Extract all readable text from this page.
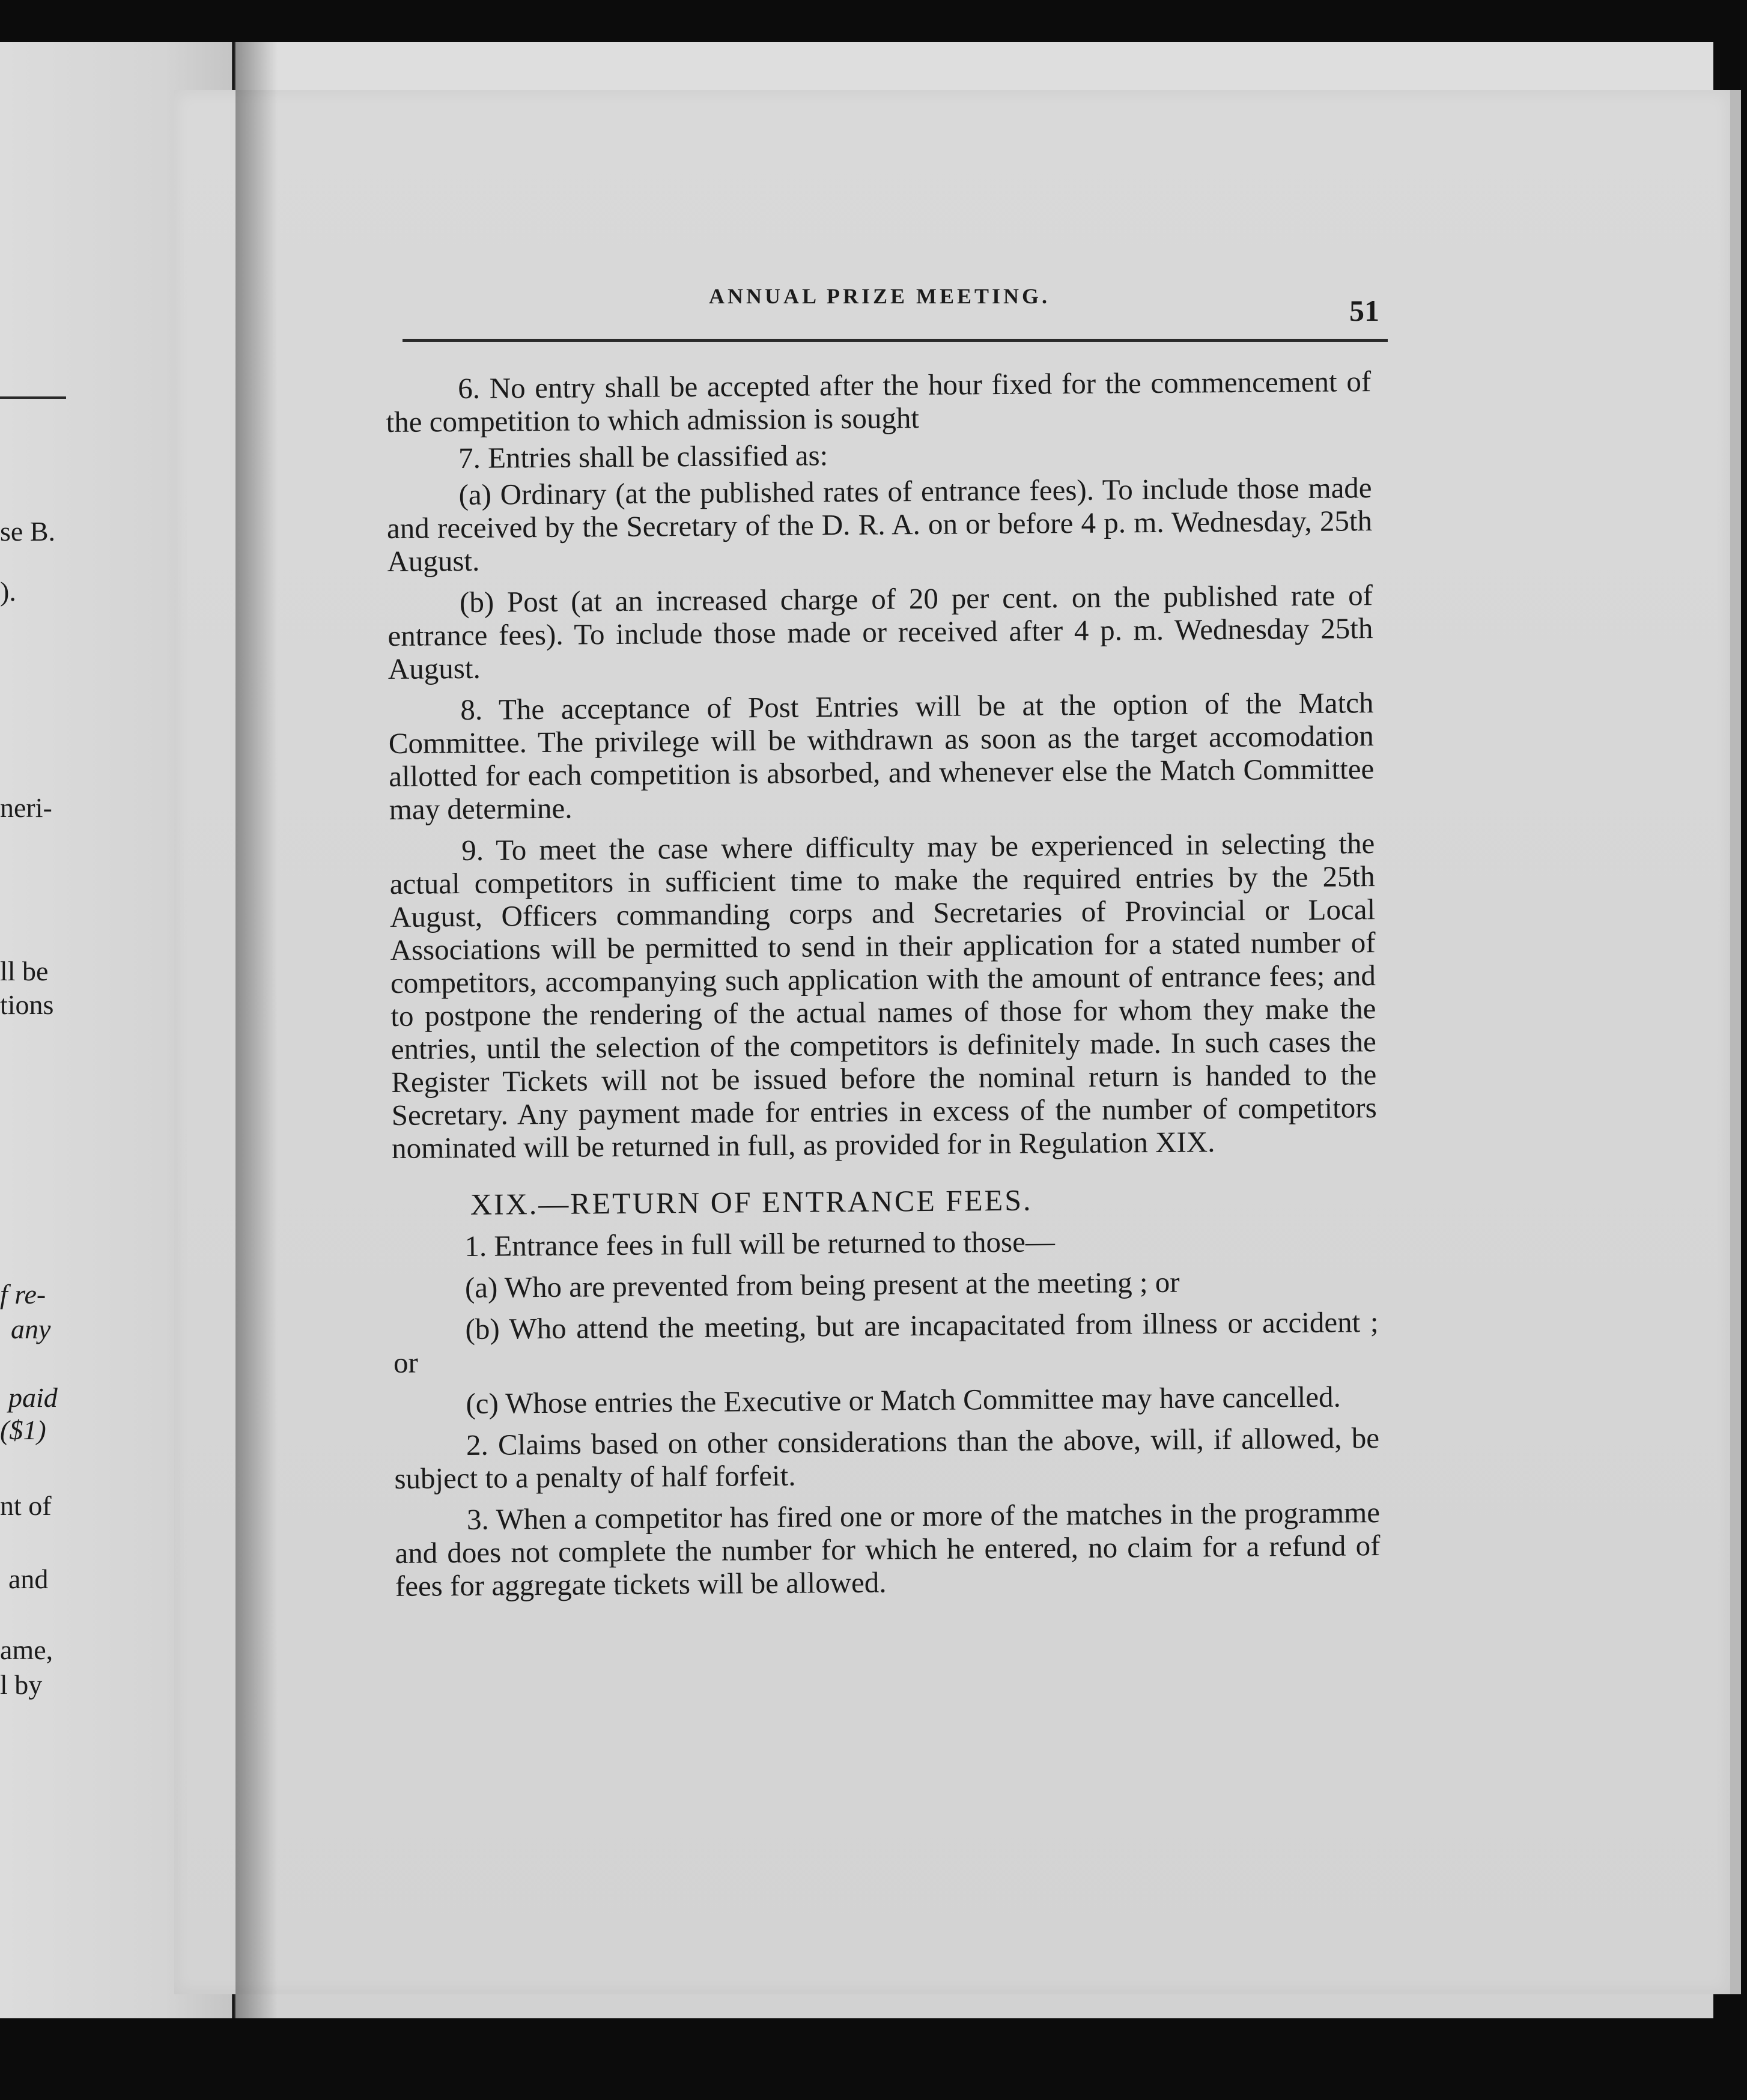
se B.
).
neri-
ll be
tions
f re-
any
paid
($1)
nt of
and
ame,
l by
ANNUAL PRIZE MEETING.	51

6. No entry shall be accepted after the hour fixed for the commencement of the competition to which admission is sought

7. Entries shall be classified as:

(a) Ordinary (at the published rates of entrance fees). To include those made and received by the Secretary of the D. R. A. on or before 4 p. m. Wednesday, 25th August.

(b) Post (at an increased charge of 20 per cent. on the published rate of entrance fees). To include those made or received after 4 p. m. Wednesday 25th August.

8. The acceptance of Post Entries will be at the option of the Match Committee. The privilege will be withdrawn as soon as the target accomodation allotted for each competition is absorbed, and whenever else the Match Committee may determine.

9. To meet the case where difficulty may be experienced in selecting the actual competitors in sufficient time to make the required entries by the 25th August, Officers commanding corps and Secretaries of Provincial or Local Associations will be permitted to send in their application for a stated number of competitors, accompanying such application with the amount of entrance fees; and to postpone the rendering of the actual names of those for whom they make the entries, until the selection of the competitors is definitely made. In such cases the Register Tickets will not be issued before the nominal return is handed to the Secretary. Any payment made for entries in excess of the number of competitors nominated will be returned in full, as provided for in Regulation XIX.

XIX.—RETURN OF ENTRANCE FEES.

1. Entrance fees in full will be returned to those—

(a) Who are prevented from being present at the meeting ; or

(b) Who attend the meeting, but are incapacitated from illness or accident ; or

(c) Whose entries the Executive or Match Committee may have cancelled.

2. Claims based on other considerations than the above, will, if allowed, be subject to a penalty of half forfeit.

3. When a competitor has fired one or more of the matches in the programme and does not complete the number for which he entered, no claim for a refund of fees for aggregate tickets will be allowed.
